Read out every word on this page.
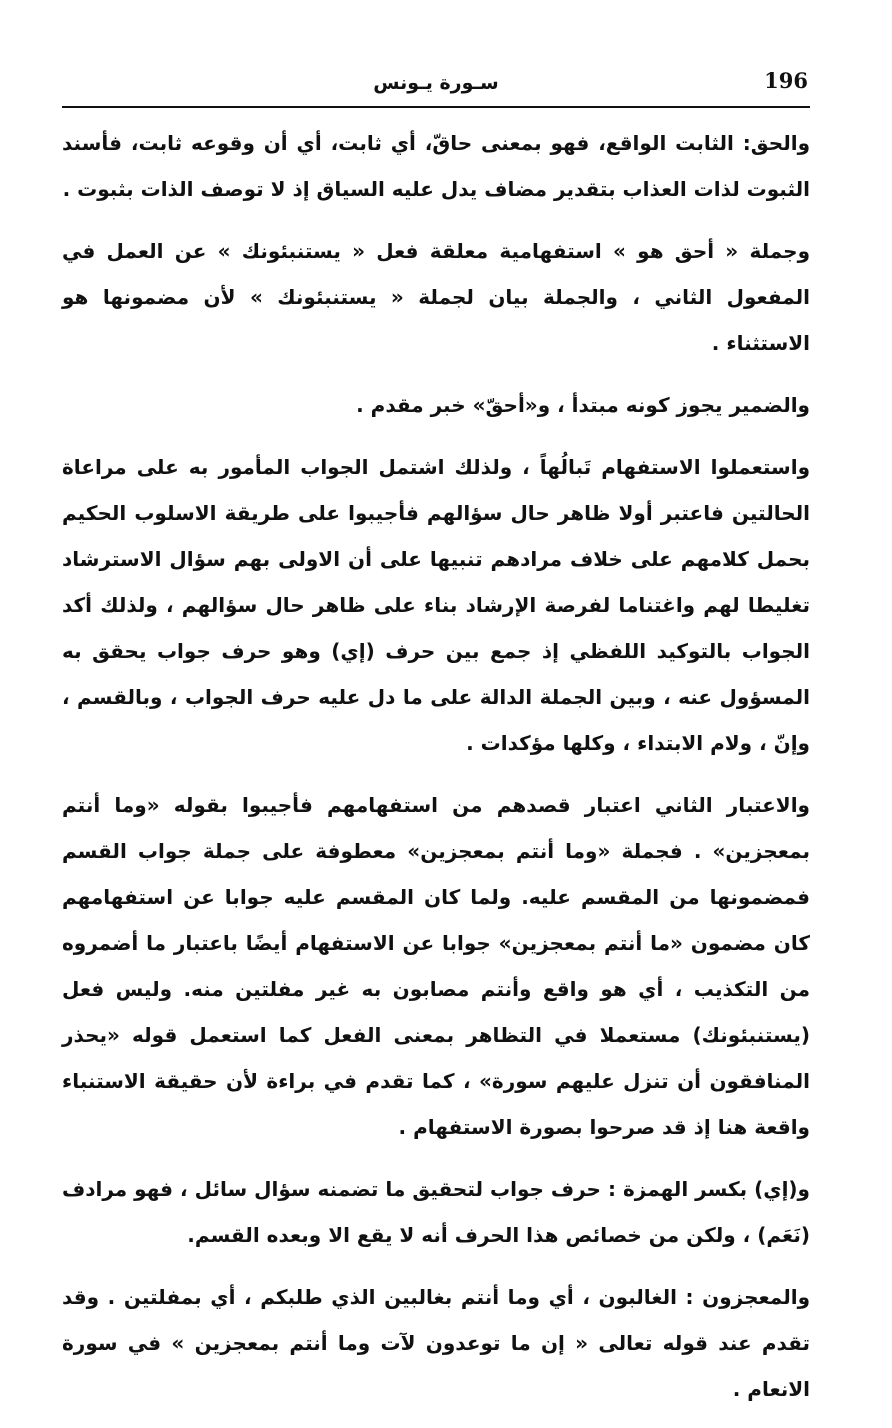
196
سـورة يـونس

والحق: الثابت الواقع، فهو بمعنى حاقّ، أي ثابت، أي أن وقوعه ثابت، فأسند الثبوت لذات العذاب بتقدير مضاف يدل عليه السياق إذ لا توصف الذات بثبوت .

وجملة « أحق هو » استفهامية معلقة فعل « يستنبئونك » عن العمل في المفعول الثاني ، والجملة بيان لجملة « يستنبئونك » لأن مضمونها هو الاستثناء .

والضمير يجوز كونه مبتدأ ، و«أحقّ» خبر مقدم .

واستعملوا الاستفهام تَبالُهاً ، ولذلك اشتمل الجواب المأمور به على مراعاة الحالتين فاعتبر أولا ظاهر حال سؤالهم فأجيبوا على طريقة الاسلوب الحكيم بحمل كلامهم على خلاف مرادهم تنبيها على أن الاولى بهم سؤال الاسترشاد تغليطا لهم واغتناما لفرصة الإرشاد بناء على ظاهر حال سؤالهم ، ولذلك أكد الجواب بالتوكيد اللفظي إذ جمع بين حرف (إي) وهو حرف جواب يحقق به المسؤول عنه ، وبين الجملة الدالة على ما دل عليه حرف الجواب ، وبالقسم ، وإنّ ، ولام الابتداء ، وكلها مؤكدات .

والاعتبار الثاني اعتبار قصدهم من استفهامهم فأجيبوا بقوله «وما أنتم بمعجزين» . فجملة «وما أنتم بمعجزين» معطوفة على جملة جواب القسم فمضمونها من المقسم عليه. ولما كان المقسم عليه جوابا عن استفهامهم كان مضمون «ما أنتم بمعجزين» جوابا عن الاستفهام أيضًا باعتبار ما أضمروه من التكذيب ، أي هو واقع وأنتم مصابون به غير مفلتين منه. وليس فعل (يستنبئونك) مستعملا في التظاهر بمعنى الفعل كما استعمل قوله «يحذر المنافقون أن تنزل عليهم سورة» ، كما تقدم في براءة لأن حقيقة الاستنباء واقعة هنا إذ قد صرحوا بصورة الاستفهام .

و(إي) بكسر الهمزة : حرف جواب لتحقيق ما تضمنه سؤال سائل ، فهو مرادف (نَعَم) ، ولكن من خصائص هذا الحرف أنه لا يقع الا وبعده القسم.

والمعجزون : الغالبون ، أي وما أنتم بغالبين الذي طلبكم ، أي بمفلتين . وقد تقدم عند قوله تعالى « إن ما توعدون لآت وما أنتم بمعجزين » في سورة الانعام .
